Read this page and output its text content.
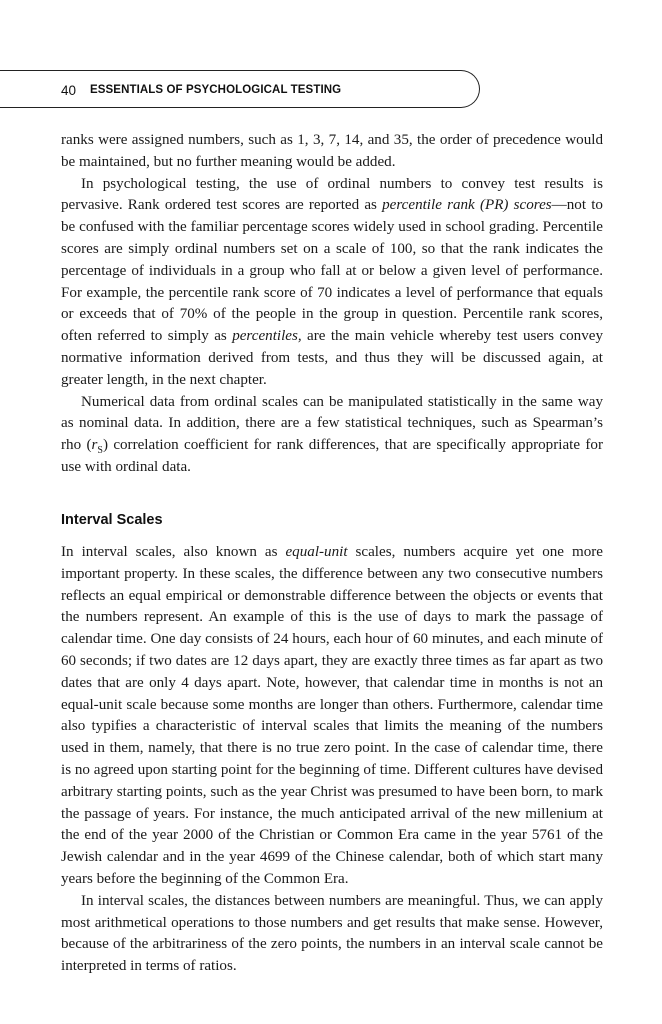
40 ESSENTIALS OF PSYCHOLOGICAL TESTING

ranks were assigned numbers, such as 1, 3, 7, 14, and 35, the order of precedence would be maintained, but no further meaning would be added.

In psychological testing, the use of ordinal numbers to convey test results is pervasive. Rank ordered test scores are reported as percentile rank (PR) scores—not to be confused with the familiar percentage scores widely used in school grading. Percentile scores are simply ordinal numbers set on a scale of 100, so that the rank indicates the percentage of individuals in a group who fall at or below a given level of performance. For example, the percentile rank score of 70 indicates a level of performance that equals or exceeds that of 70% of the people in the group in question. Percentile rank scores, often referred to simply as percentiles, are the main vehicle whereby test users convey normative information derived from tests, and thus they will be discussed again, at greater length, in the next chapter.

Numerical data from ordinal scales can be manipulated statistically in the same way as nominal data. In addition, there are a few statistical techniques, such as Spearman’s rho $(r_S)$ correlation coefficient for rank differences, that are specifically appropriate for use with ordinal data.

Interval Scales

In interval scales, also known as equal-unit scales, numbers acquire yet one more important property. In these scales, the difference between any two consecutive numbers reflects an equal empirical or demonstrable difference between the objects or events that the numbers represent. An example of this is the use of days to mark the passage of calendar time. One day consists of 24 hours, each hour of 60 minutes, and each minute of 60 seconds; if two dates are 12 days apart, they are exactly three times as far apart as two dates that are only 4 days apart. Note, however, that calendar time in months is not an equal-unit scale because some months are longer than others. Furthermore, calendar time also typifies a characteristic of interval scales that limits the meaning of the numbers used in them, namely, that there is no true zero point. In the case of calendar time, there is no agreed upon starting point for the beginning of time. Different cultures have devised arbitrary starting points, such as the year Christ was presumed to have been born, to mark the passage of years. For instance, the much anticipated arrival of the new millenium at the end of the year 2000 of the Christian or Common Era came in the year 5761 of the Jewish calendar and in the year 4699 of the Chinese calendar, both of which start many years before the beginning of the Common Era.

In interval scales, the distances between numbers are meaningful. Thus, we can apply most arithmetical operations to those numbers and get results that make sense. However, because of the arbitrariness of the zero points, the numbers in an interval scale cannot be interpreted in terms of ratios.
